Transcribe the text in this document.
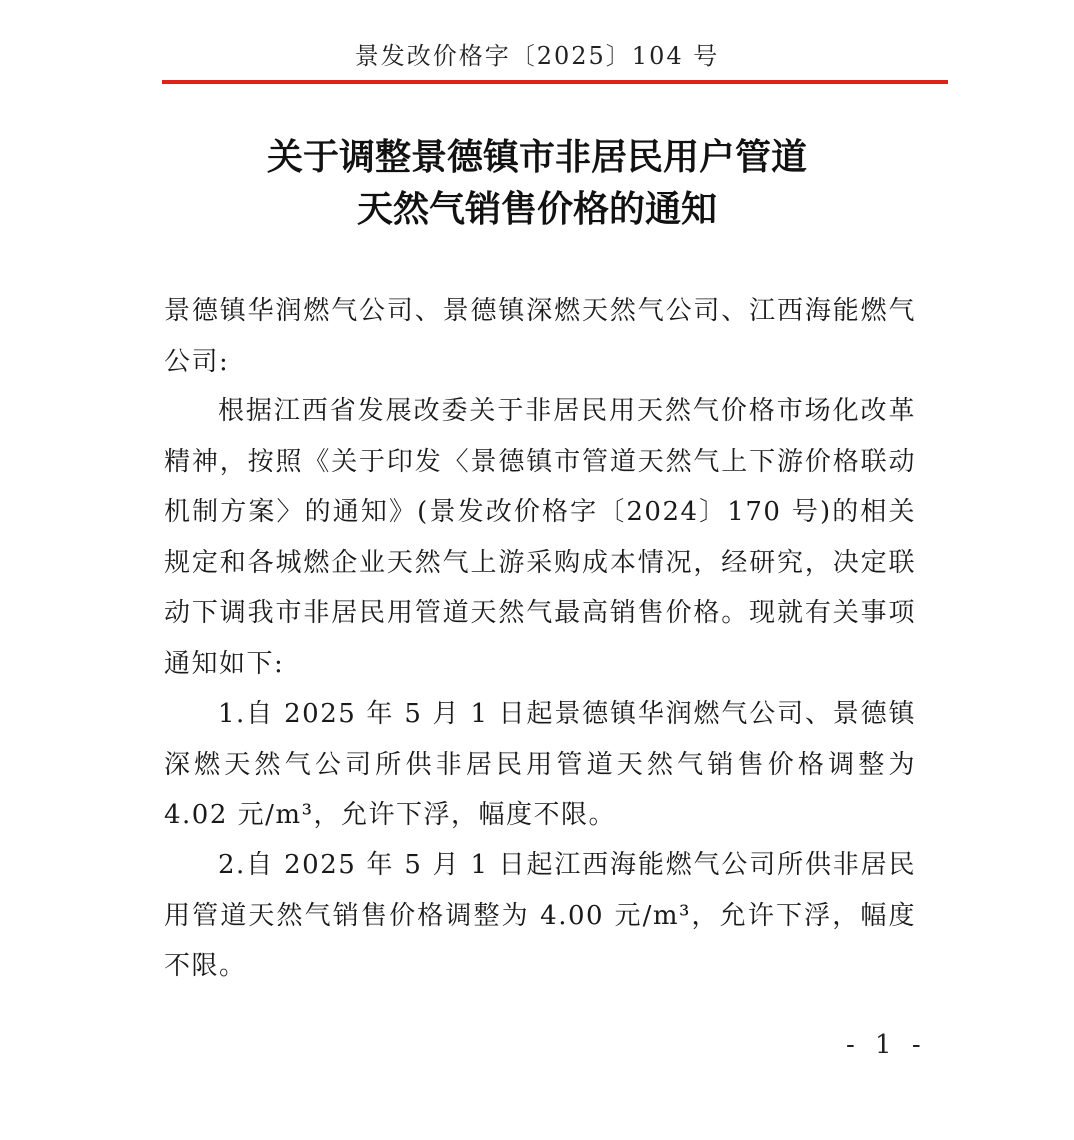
景发改价格字〔2025〕104 号
关于调整景德镇市非居民用户管道
天然气销售价格的通知
景德镇华润燃气公司、景德镇深燃天然气公司、江西海能燃气公司:
根据江西省发展改委关于非居民用天然气价格市场化改革精神，按照《关于印发〈景德镇市管道天然气上下游价格联动机制方案〉的通知》(景发改价格字〔2024〕170 号)的相关规定和各城燃企业天然气上游采购成本情况，经研究，决定联动下调我市非居民用管道天然气最高销售价格。现就有关事项通知如下:
1.自 2025 年 5 月 1 日起景德镇华润燃气公司、景德镇深燃天然气公司所供非居民用管道天然气销售价格调整为 4.02 元/m³，允许下浮，幅度不限。
2.自 2025 年 5 月 1 日起江西海能燃气公司所供非居民用管道天然气销售价格调整为 4.00 元/m³，允许下浮，幅度不限。
- 1 -
